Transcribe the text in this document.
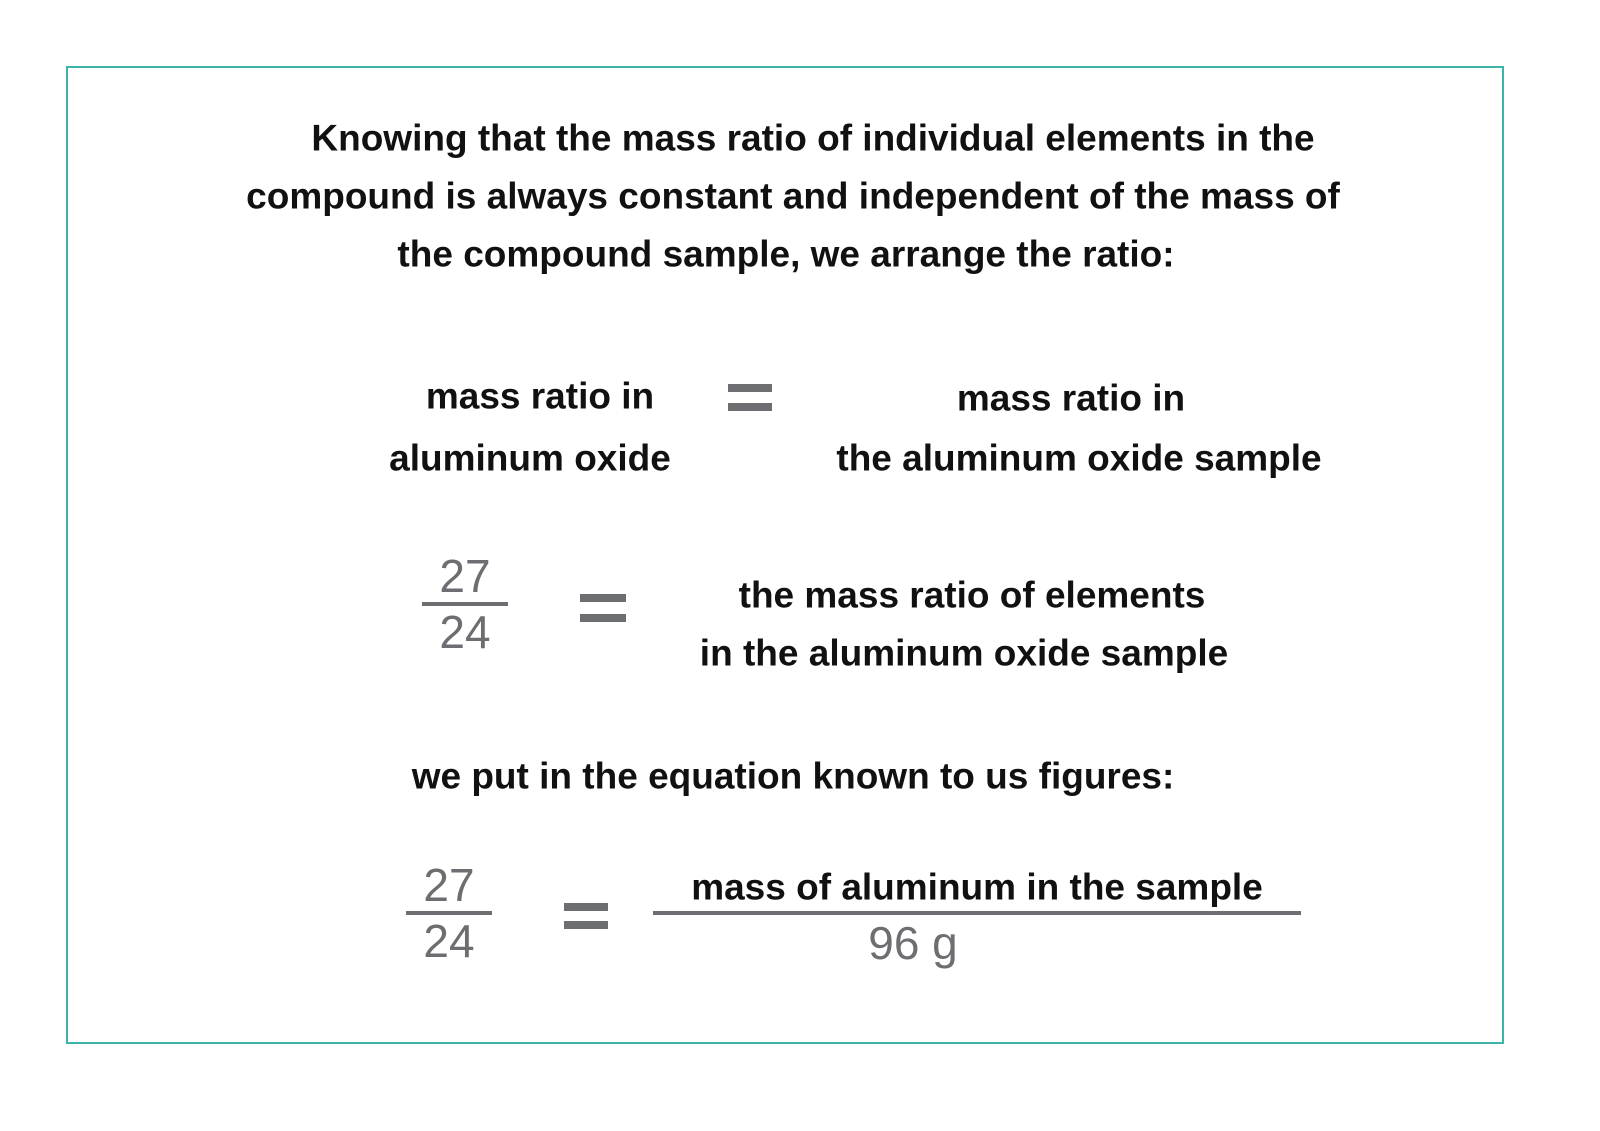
Knowing that the mass ratio of individual elements in the
compound is always constant and independent of the mass of
the compound sample, we arrange the ratio:
mass ratio in
aluminum oxide
mass ratio in
the aluminum oxide sample
27
24
the mass ratio of elements
in the aluminum oxide sample
we put in the equation known to us figures:
27
24
mass of aluminum in the sample
96 g
